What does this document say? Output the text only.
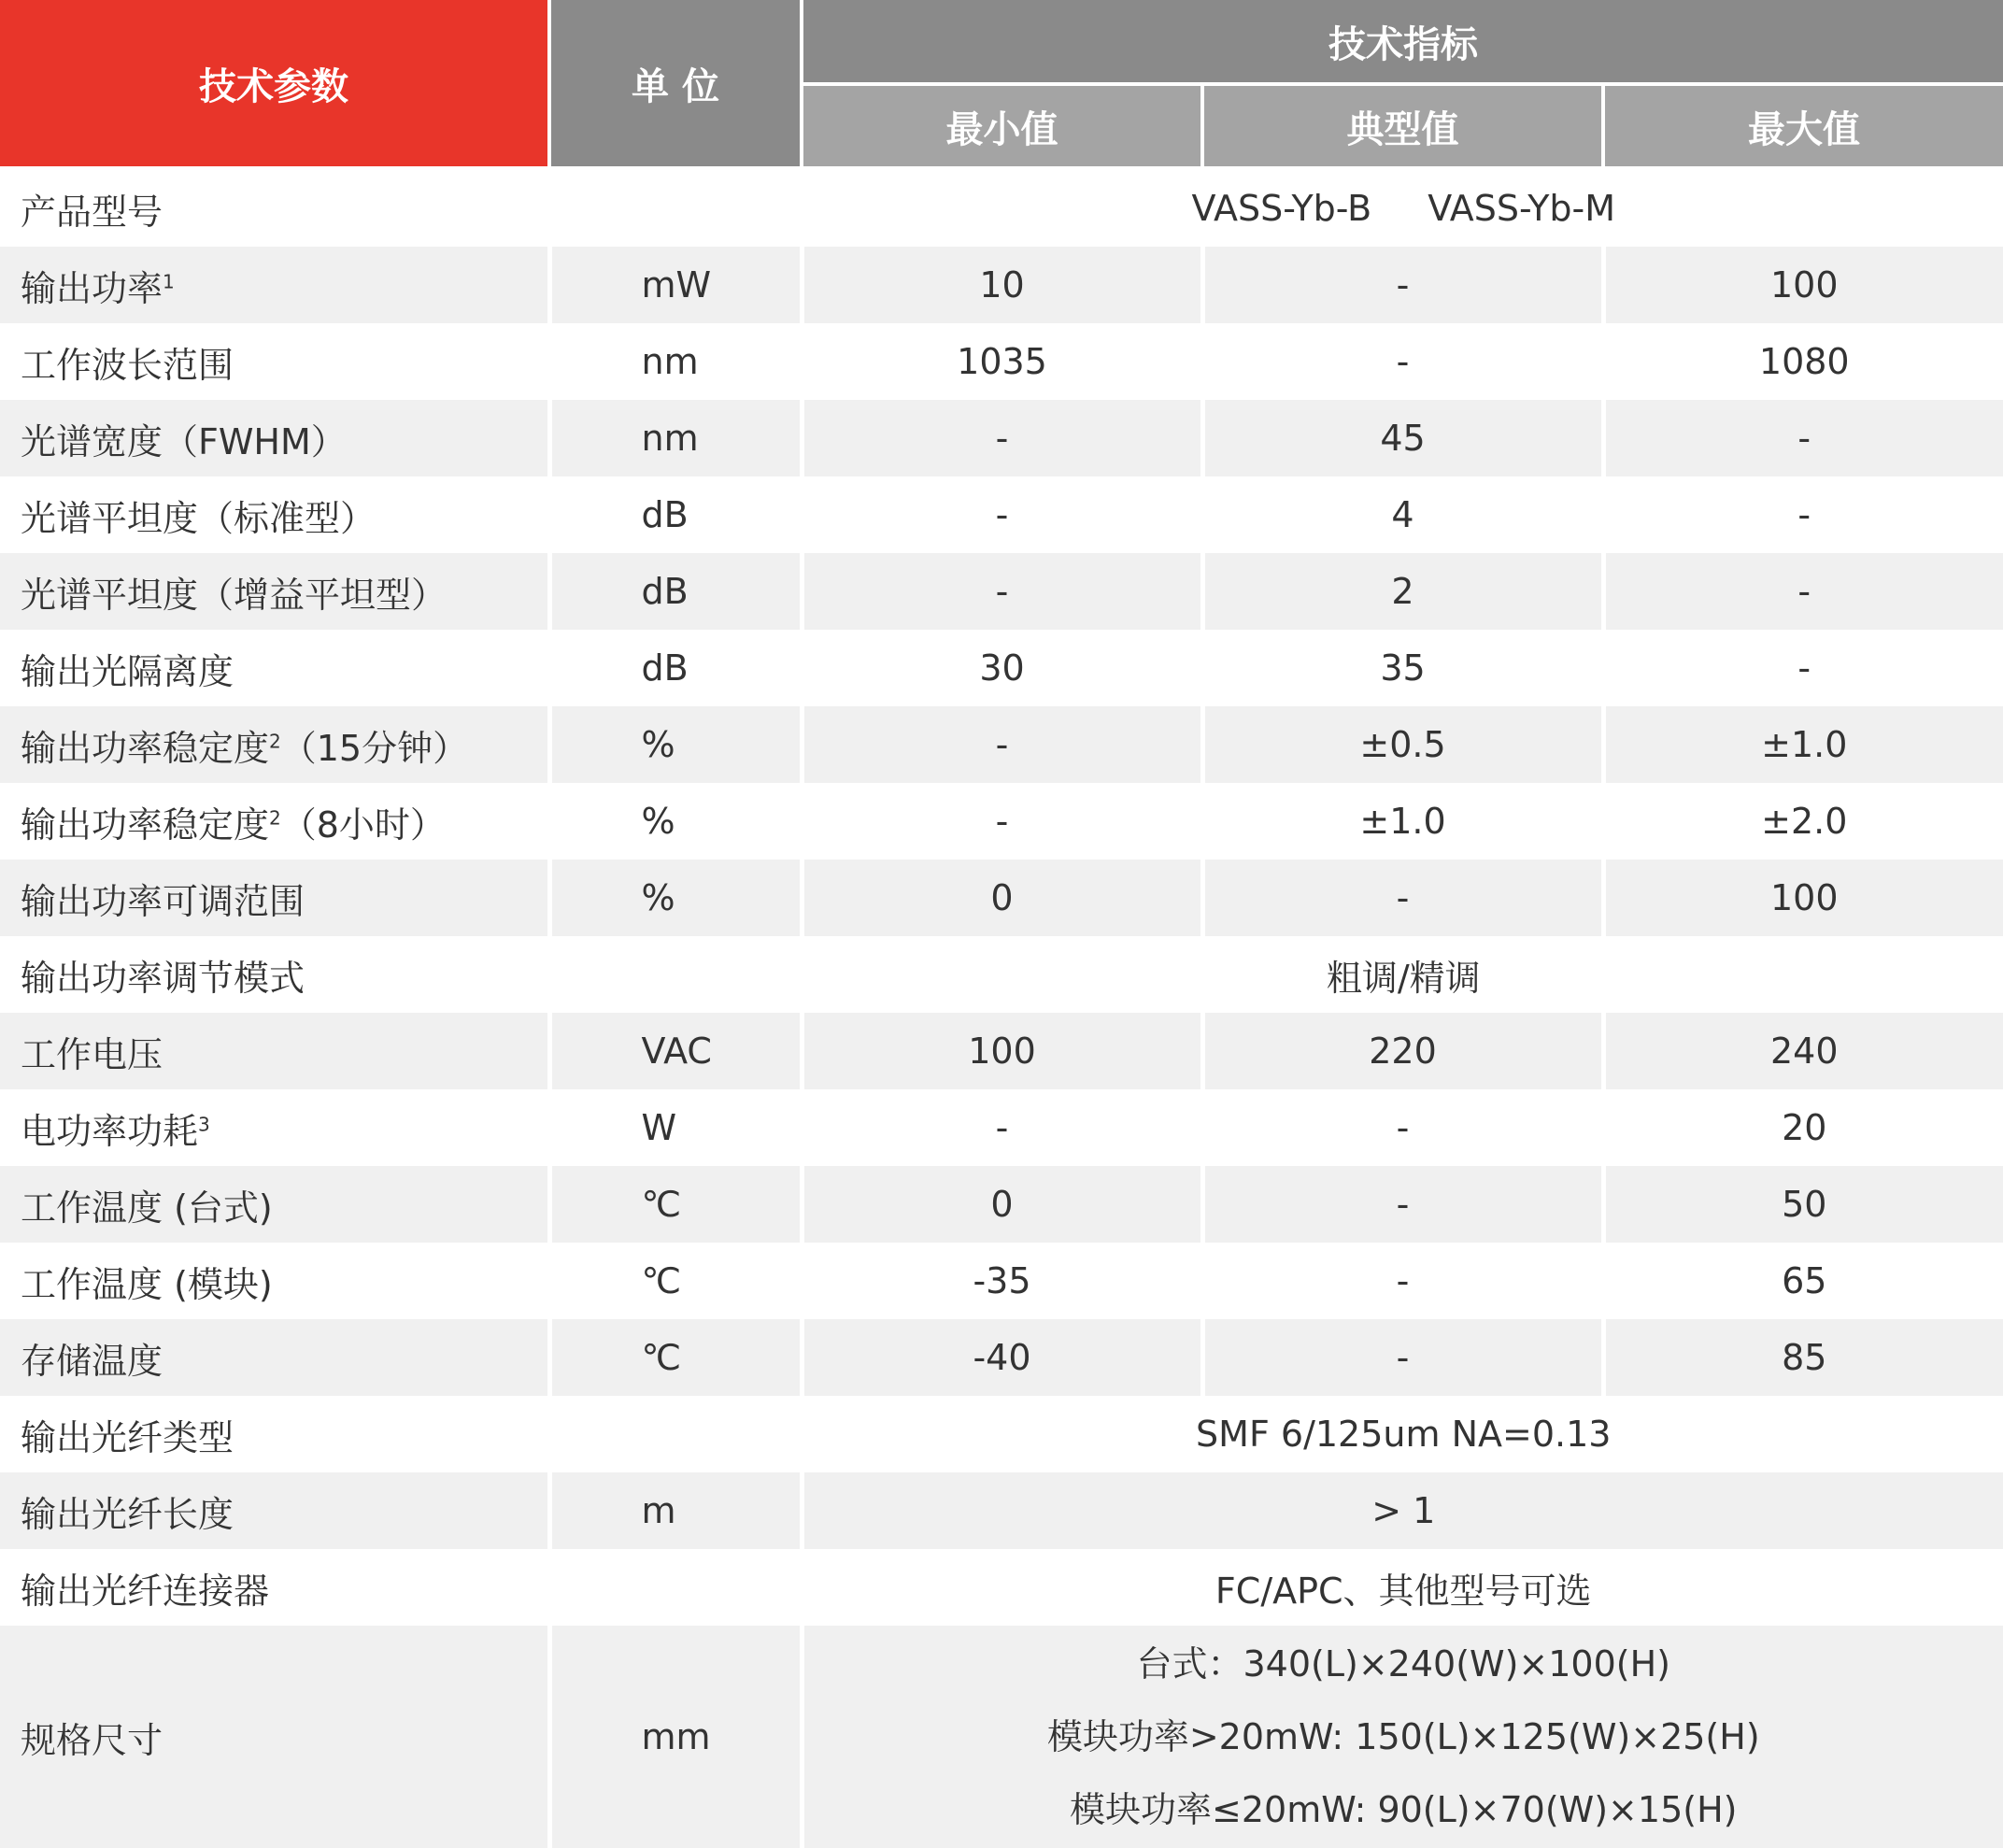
技术参数	单 位	技术指标		
		最小值	典型值	最大值
产品型号		VASS-Yb-B VASS-Yb-M		
输出功率$^1$	mW	10	-	100
工作波长范围	nm	1035	-	1080
光谱宽度（FWHM）	nm	-	45	-
光谱平坦度（标准型）	dB	-	4	-
光谱平坦度（增益平坦型）	dB	-	2	-
输出光隔离度	dB	30	35	-
输出功率稳定度$^2$（15分钟）	%	-	±0.5	±1.0
输出功率稳定度$^2$（8小时）	%	-	±1.0	±2.0
输出功率可调范围	%	0	-	100
输出功率调节模式		粗调/精调		
工作电压	VAC	100	220	240
电功率功耗$^3$	W	-	-	20
工作温度 (台式)	℃	0	-	50
工作温度 (模块)	℃	-35	-	65
存储温度	℃	-40	-	85
输出光纤类型		SMF 6/125um NA=0.13		
输出光纤长度	m	> 1		
输出光纤连接器		FC/APC、其他型号可选		
规格尺寸	mm	台式：340(L)×240(W)×100(H)
模块功率>20mW: 150(L)×125(W)×25(H)
模块功率≤20mW: 90(L)×70(W)×15(H)		
